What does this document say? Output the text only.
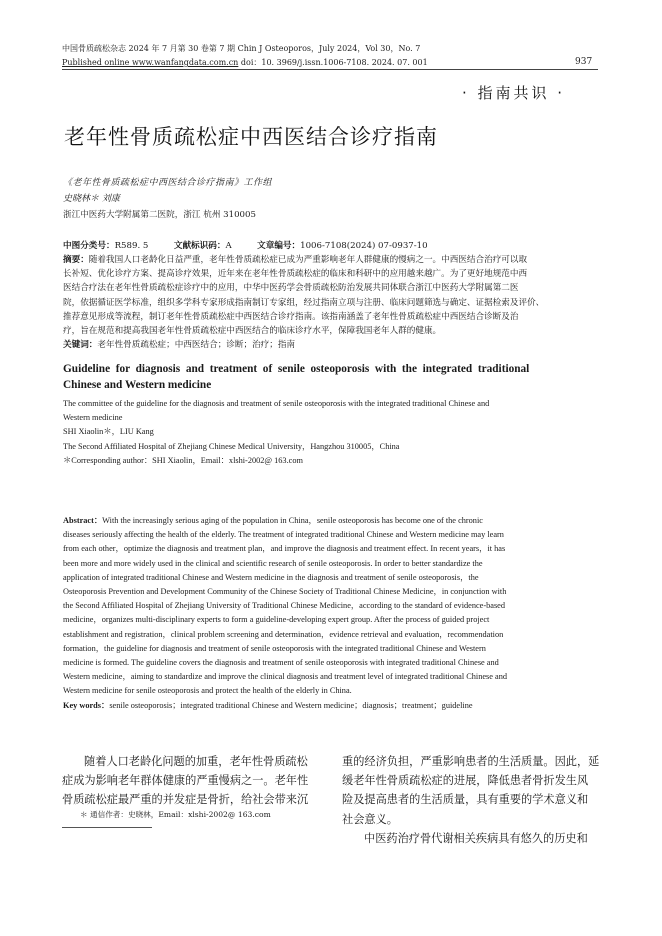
中国骨质疏松杂志 2024 年 7 月第 30 卷第 7 期 Chin J Osteoporos，July 2024，Vol 30，No. 7
Published online www.wanfangdata.com.cn doi：10. 3969/j.issn.1006-7108. 2024. 07. 001	937
· 指南共识 ·
老年性骨质疏松症中西医结合诊疗指南
《老年性骨质疏松症中西医结合诊疗指南》工作组
史晓林＊ 刘康
浙江中医药大学附属第二医院，浙江 杭州 310005
中图分类号：R589. 5	文献标识码：A	文章编号：1006-7108(2024) 07-0937-10
摘要：随着我国人口老龄化日益严重，老年性骨质疏松症已成为严重影响老年人群健康的慢病之一。中西医结合治疗可以取
长补短、优化诊疗方案、提高诊疗效果，近年来在老年性骨质疏松症的临床和科研中的应用越来越广。为了更好地规范中西
医结合疗法在老年性骨质疏松症诊疗中的应用，中华中医药学会骨质疏松防治发展共同体联合浙江中医药大学附属第二医
院，依据循证医学标准，组织多学科专家形成指南制订专家组，经过指南立项与注册、临床问题筛选与确定、证据检索及评价、
推荐意见形成等流程，制订老年性骨质疏松症中西医结合诊疗指南。该指南涵盖了老年性骨质疏松症中西医结合诊断及治
疗，旨在规范和提高我国老年性骨质疏松症中西医结合的临床诊疗水平，保障我国老年人群的健康。
关键词：老年性骨质疏松症；中西医结合；诊断；治疗；指南
Guideline  for  diagnosis  and  treatment  of  senile  osteoporosis  with  the  integrated  traditional
Chinese and Western medicine
The committee of the guideline for the diagnosis and treatment of senile osteoporosis with the integrated traditional Chinese and
Western medicine
SHI Xiaolin＊，LIU Kang
The Second Affiliated Hospital of Zhejiang Chinese Medical University，Hangzhou 310005，China
＊Corresponding author：SHI Xiaolin，Email：xlshi-2002@ 163.com
Abstract：With the increasingly serious aging of the population in China，senile osteoporosis has become one of the chronic
diseases seriously affecting the health of the elderly. The treatment of integrated traditional Chinese and Western medicine may learn
from each other，optimize the diagnosis and treatment plan，and improve the diagnosis and treatment effect. In recent years，it has
been more and more widely used in the clinical and scientific research of senile osteoporosis. In order to better standardize the
application of integrated traditional Chinese and Western medicine in the diagnosis and treatment of senile osteoporosis，the
Osteoporosis Prevention and Development Community of the Chinese Society of Traditional Chinese Medicine，in conjunction with
the Second Affiliated Hospital of Zhejiang University of Traditional Chinese Medicine，according to the standard of evidence-based
medicine，organizes multi-disciplinary experts to form a guideline-developing expert group. After the process of guided project
establishment and registration，clinical problem screening and determination，evidence retrieval and evaluation，recommendation
formation，the guideline for diagnosis and treatment of senile osteoporosis with the integrated traditional Chinese and Western
medicine is formed. The guideline covers the diagnosis and treatment of senile osteoporosis with integrated traditional Chinese and
Western medicine，aiming to standardize and improve the clinical diagnosis and treatment level of integrated traditional Chinese and
Western medicine for senile osteoporosis and protect the health of the elderly in China.
Key words：senile osteoporosis；integrated traditional Chinese and Western medicine；diagnosis；treatment；guideline
随着人口老龄化问题的加重，老年性骨质疏松
症成为影响老年群体健康的严重慢病之一。老年性
骨质疏松症最严重的并发症是骨折，给社会带来沉
重的经济负担，严重影响患者的生活质量。因此，延
缓老年性骨质疏松症的进展，降低患者骨折发生风
险及提高患者的生活质量，具有重要的学术意义和
社会意义。
中医药治疗骨代谢相关疾病具有悠久的历史和
＊ 通信作者：史晓林，Email：xlshi-2002@ 163.com
